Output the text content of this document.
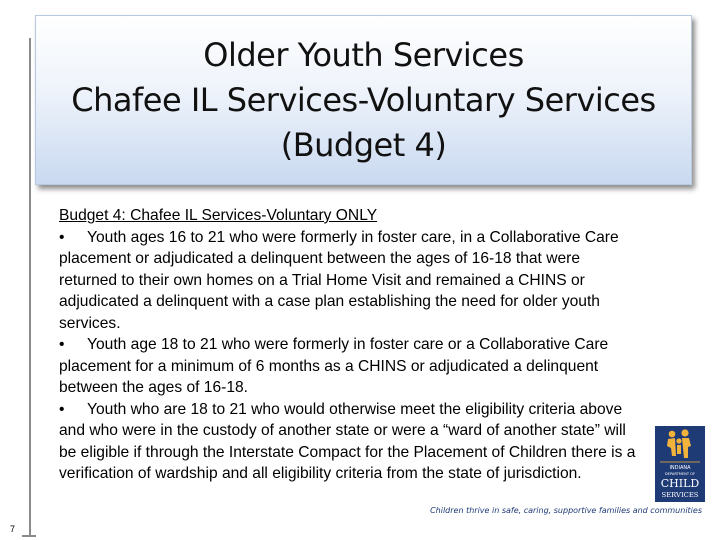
Older Youth Services
Chafee IL Services-Voluntary Services
(Budget 4)

Budget 4: Chafee IL Services-Voluntary ONLY

• Youth ages 16 to 21 who were formerly in foster care, in a Collaborative Care placement or adjudicated a delinquent between the ages of 16-18 that were returned to their own homes on a Trial Home Visit and remained a CHINS or adjudicated a delinquent with a case plan establishing the need for older youth services.

• Youth age 18 to 21 who were formerly in foster care or a Collaborative Care placement for a minimum of 6 months as a CHINS or adjudicated a delinquent between the ages of 16-18.

• Youth who are 18 to 21 who would otherwise meet the eligibility criteria above and who were in the custody of another state or were a “ward of another state” will be eligible if through the Interstate Compact for the Placement of Children there is a verification of wardship and all eligibility criteria from the state of jurisdiction.	INDIANA
DEPARTMENT OF
CHILD
SERVICES
Children thrive in safe, caring, supportive families and communities
7
